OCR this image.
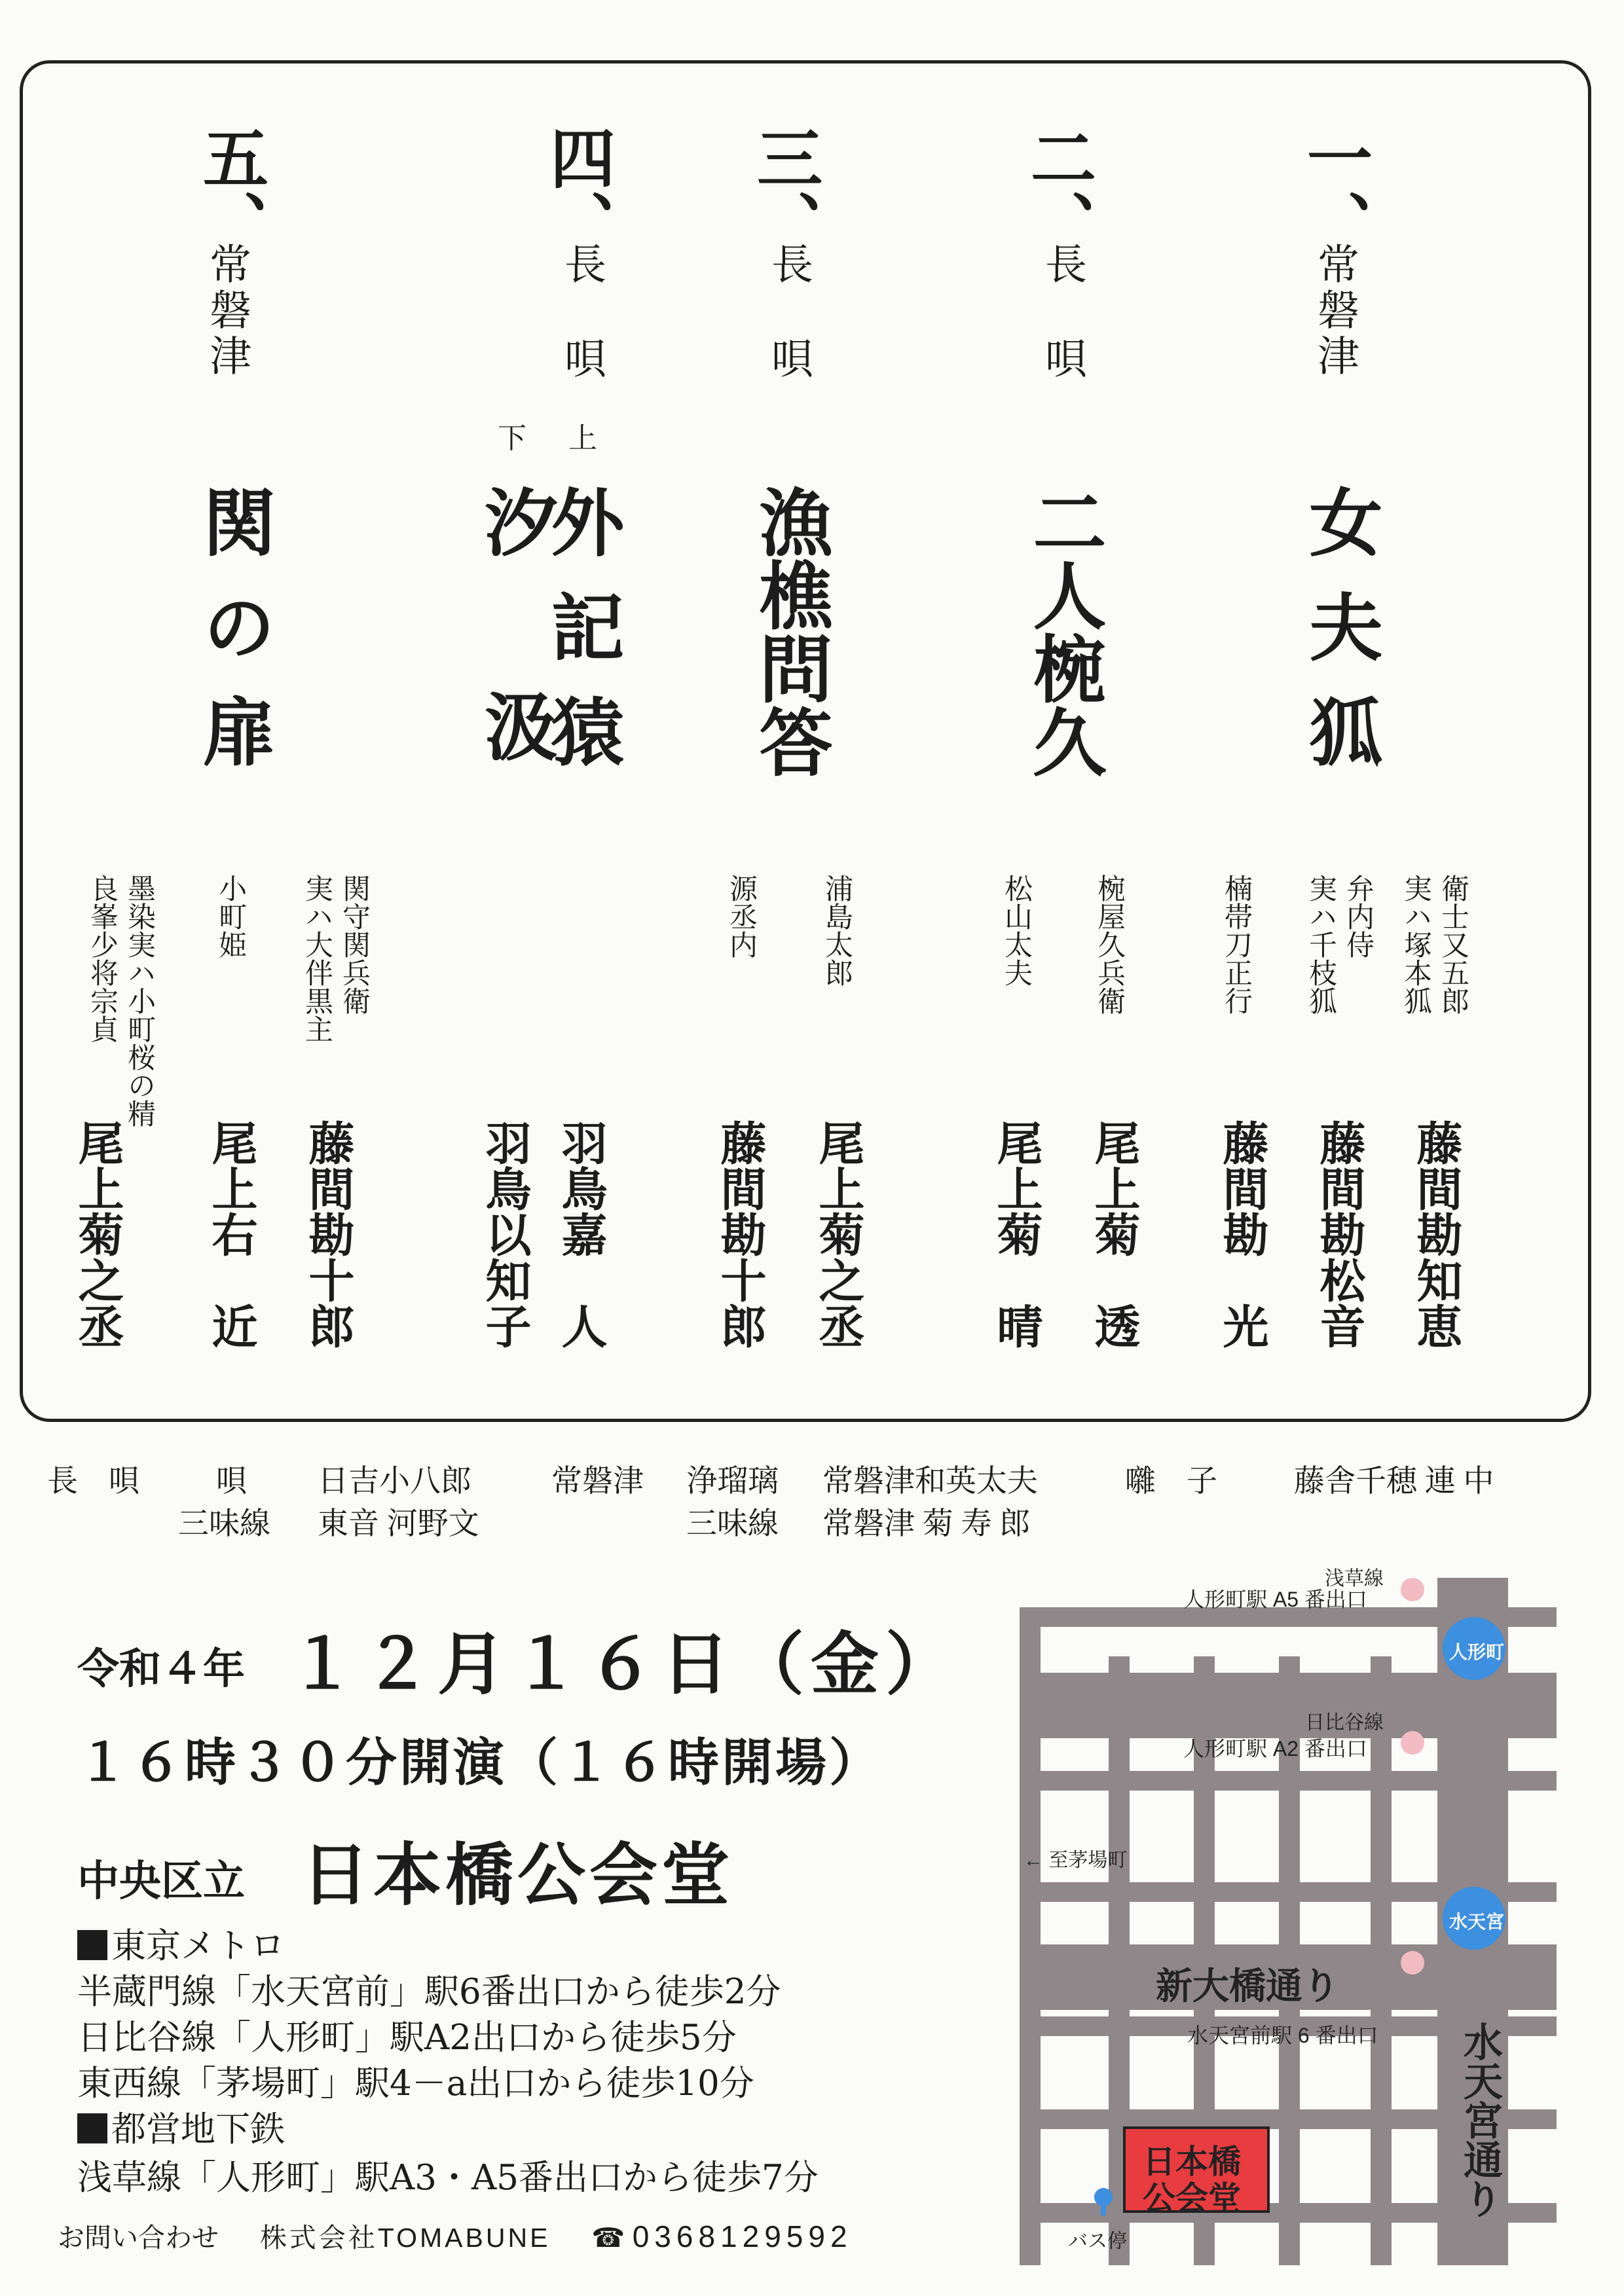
一、
常磐津
女夫狐
衛士又五郎
実ハ塚本狐
弁内侍
実ハ千枝狐
楠帯刀正行
藤間勘知恵
藤間勘松音
藤間勘　光
二、
長唄
二人椀久
椀屋久兵衛
松山太夫
尾上菊　透
尾上菊　晴
三、
長唄
漁樵問答
浦島太郎
源丞内
尾上菊之丞
藤間勘十郎
四、
長唄
上
下
外記猿
汐汲
羽鳥嘉　人
羽鳥以知子
五、
常磐津
関の扉
関守関兵衛
実ハ大伴黒主
小町姫
墨染実ハ小町桜の精
良峯少将宗貞
藤間勘十郎
尾上右　近
尾上菊之丞
長　唄 唄 日吉小八郎
三味線 東音 河野文
常磐津 浄瑠璃 常磐津和英太夫
三味線 常磐津 菊 寿 郎
囃　子 藤舎千穂 連 中
令和４年 １２月１６日（金）
１６時３０分開演（１６時開場）
中央区立 日本橋公会堂
東京メトロ
半蔵門線「水天宮前」駅6番出口から徒歩2分
日比谷線「人形町」駅A2出口から徒歩5分
東西線「茅場町」駅4－a出口から徒歩10分
都営地下鉄
浅草線「人形町」駅A3・A5番出口から徒歩7分
お問い合わせ 株式会社TOMABUNE ☎ 0368129592
浅草線
人形町駅 A5 番出口
日比谷線
人形町駅 A2 番出口
人形町
水天宮
← 至茅場町
新大橋通り
水天宮前駅 6 番出口 水天宮通り
日本橋
公会堂
バス停
